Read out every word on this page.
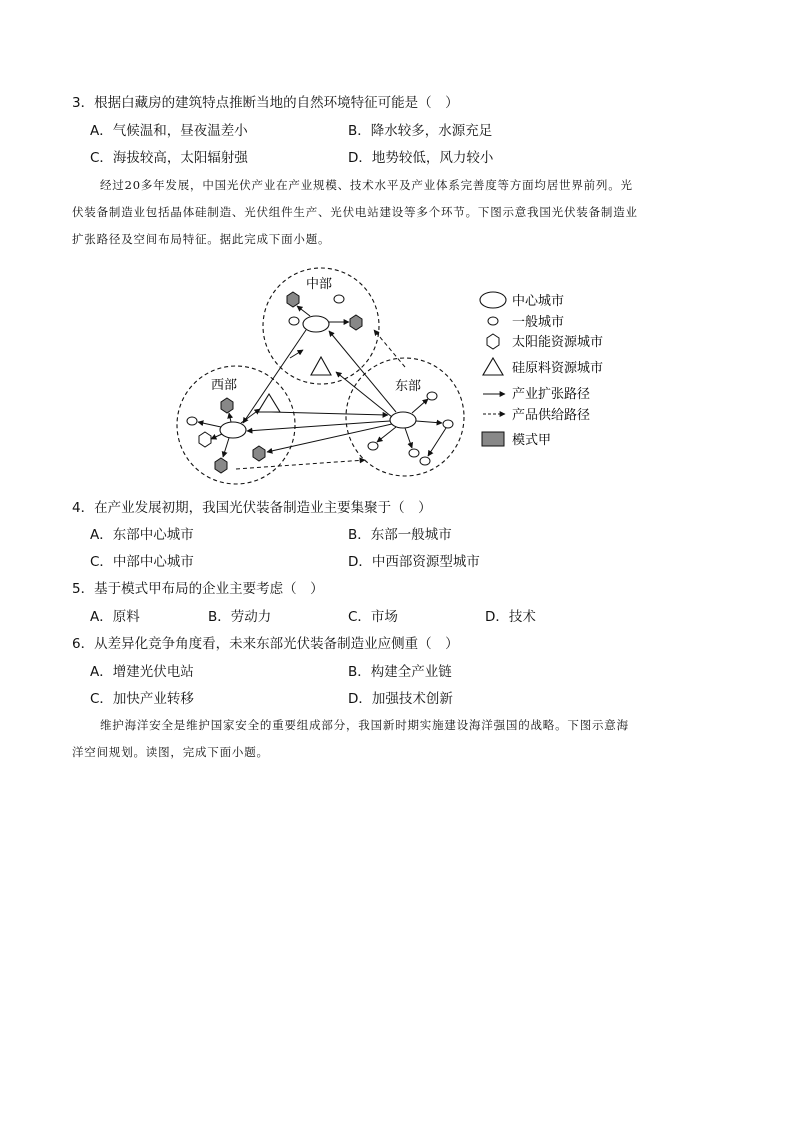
3．根据白藏房的建筑特点推断当地的自然环境特征可能是（　）
A．气候温和，昼夜温差小	B．降水较多，水源充足
C．海拔较高，太阳辐射强	D．地势较低，风力较小
经过20多年发展，中国光伏产业在产业规模、技术水平及产业体系完善度等方面均居世界前列。光
伏装备制造业包括晶体硅制造、光伏组件生产、光伏电站建设等多个环节。下图示意我国光伏装备制造业
扩张路径及空间布局特征。据此完成下面小题。
中部
西部	东部
中心城市
一般城市
太阳能资源城市
硅原料资源城市
产业扩张路径
产品供给路径
模式甲
4．在产业发展初期，我国光伏装备制造业主要集聚于（　）
A．东部中心城市	B．东部一般城市
C．中部中心城市	D．中西部资源型城市
5．基于模式甲布局的企业主要考虑（　）
A．原料	B．劳动力	C．市场	D．技术
6．从差异化竞争角度看，未来东部光伏装备制造业应侧重（　）
A．增建光伏电站	B．构建全产业链
C．加快产业转移	D．加强技术创新
维护海洋安全是维护国家安全的重要组成部分，我国新时期实施建设海洋强国的战略。下图示意海
洋空间规划。读图，完成下面小题。
